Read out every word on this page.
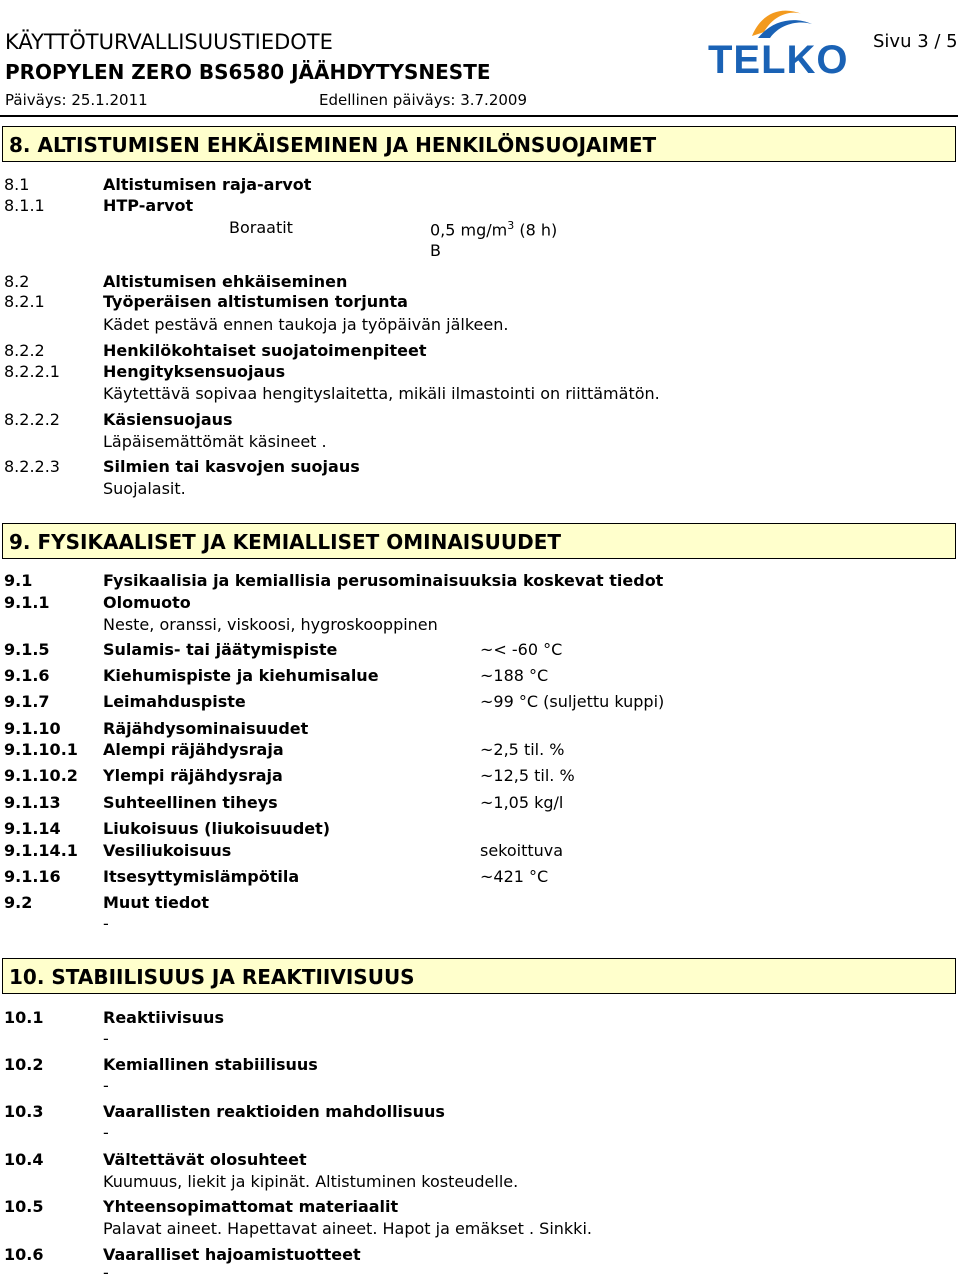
KÄYTTÖTURVALLISUUSTIEDOTE
PROPYLEN ZERO BS6580 JÄÄHDYTYSNESTE
Päiväys: 25.1.2011	Edellinen päiväys: 3.7.2009
Sivu 3 / 5
TELKO
8. ALTISTUMISEN EHKÄISEMINEN JA HENKILÖNSUOJAIMET
8.1	Altistumisen raja-arvot
8.1.1	HTP-arvot
Boraatit	0,5 $mg/m^3$ (8 h)
B
8.2	Altistumisen ehkäiseminen
8.2.1	Työperäisen altistumisen torjunta
Kädet pestävä ennen taukoja ja työpäivän jälkeen.
8.2.2	Henkilökohtaiset suojatoimenpiteet
8.2.2.1	Hengityksensuojaus
Käytettävä sopivaa hengityslaitetta, mikäli ilmastointi on riittämätön.
8.2.2.2	Käsiensuojaus
Läpäisemättömät käsineet .
8.2.2.3	Silmien tai kasvojen suojaus
Suojalasit.
9. FYSIKAALISET JA KEMIALLISET OMINAISUUDET
9.1	Fysikaalisia ja kemiallisia perusominaisuuksia koskevat tiedot
9.1.1	Olomuoto
Neste, oranssi, viskoosi, hygroskooppinen
9.1.5	Sulamis- tai jäätymispiste	~< -60 °C
9.1.6	Kiehumispiste ja kiehumisalue	~188 °C
9.1.7	Leimahduspiste	~99 °C (suljettu kuppi)
9.1.10	Räjähdysominaisuudet
9.1.10.1 Alempi räjähdysraja	~2,5 til. %
9.1.10.2 Ylempi räjähdysraja	~12,5 til. %
9.1.13	Suhteellinen tiheys	~1,05 kg/l
9.1.14	Liukoisuus (liukoisuudet)
9.1.14.1 Vesiliukoisuus	sekoittuva
9.1.16	Itsesyttymislämpötila	~421 °C
9.2	Muut tiedot
-
10. STABIILISUUS JA REAKTIIVISUUS
10.1	Reaktiivisuus
-
10.2	Kemiallinen stabiilisuus
-
10.3	Vaarallisten reaktioiden mahdollisuus
-
10.4	Vältettävät olosuhteet
Kuumuus, liekit ja kipinät. Altistuminen kosteudelle.
10.5	Yhteensopimattomat materiaalit
Palavat aineet. Hapettavat aineet. Hapot ja emäkset . Sinkki.
10.6	Vaaralliset hajoamistuotteet
-
